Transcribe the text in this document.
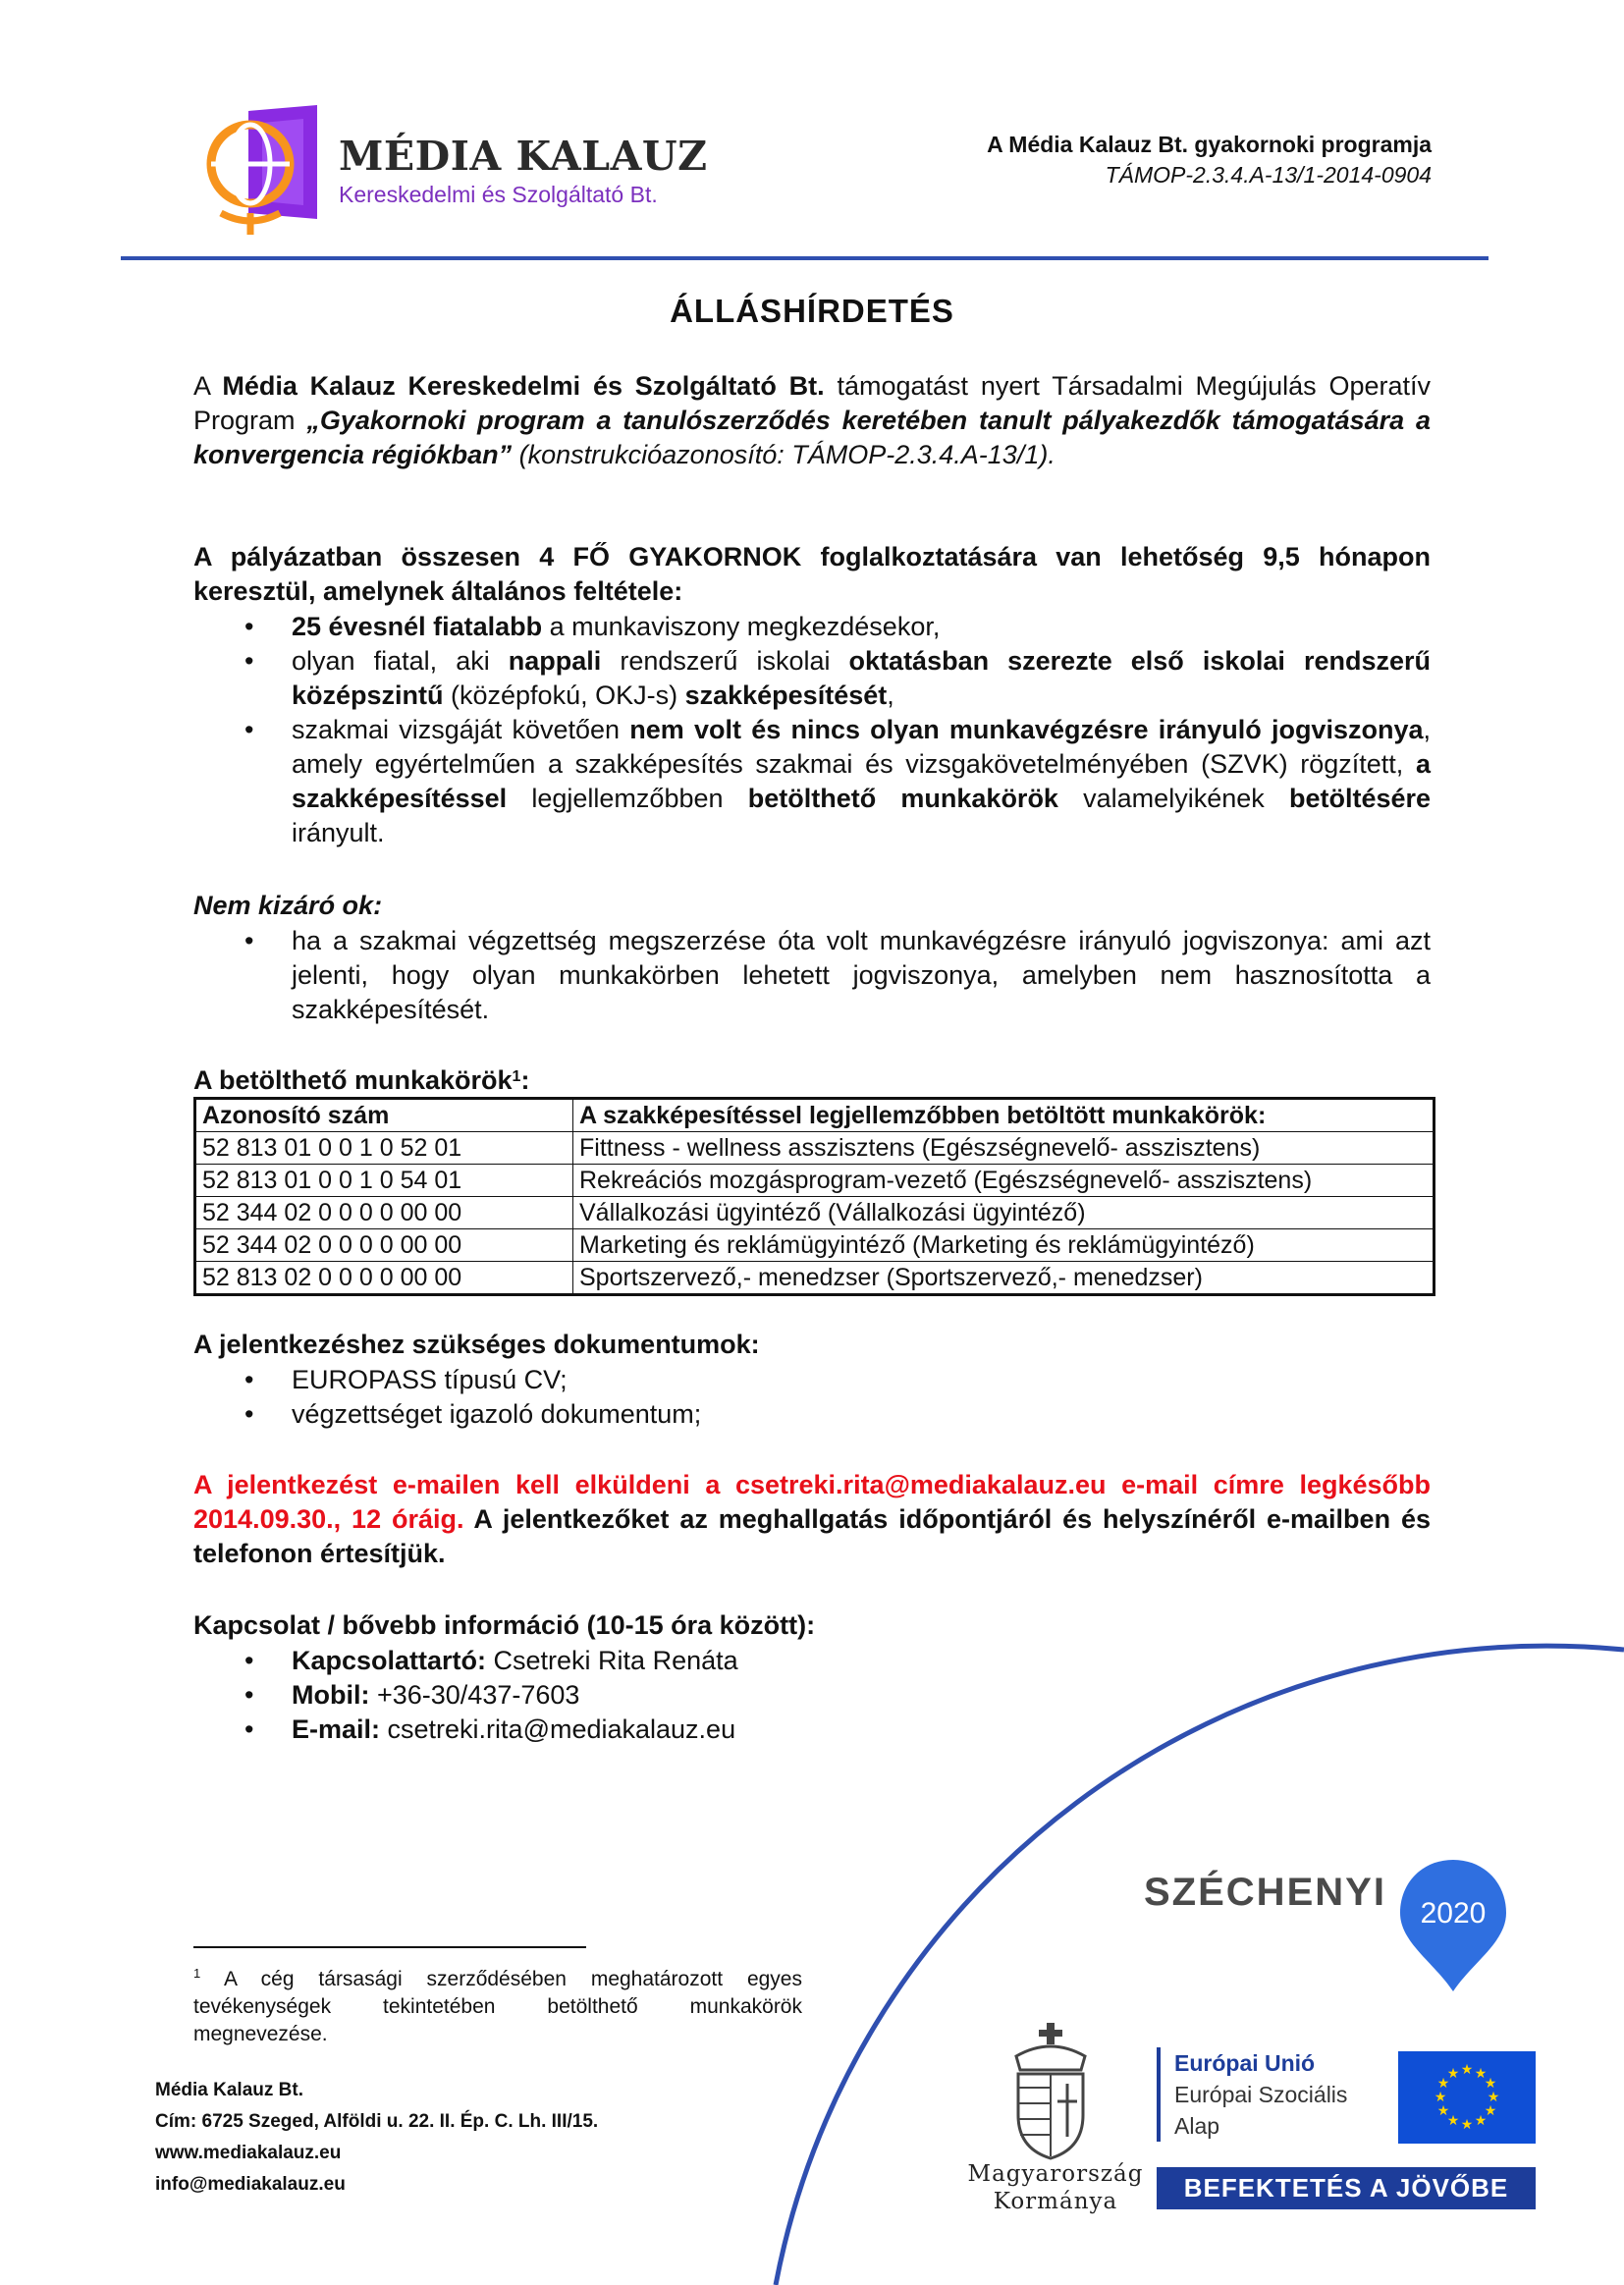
MÉDIA KALAUZ
Kereskedelmi és Szolgáltató Bt.
A Média Kalauz Bt. gyakornoki programja
TÁMOP-2.3.4.A-13/1-2014-0904
ÁLLÁSHÍRDETÉS
A Média Kalauz Kereskedelmi és Szolgáltató Bt. támogatást nyert Társadalmi Megújulás Operatív Program „Gyakornoki program a tanulószerződés keretében tanult pályakezdők támogatására a konvergencia régiókban” (konstrukcióazonosító: TÁMOP-2.3.4.A-13/1).
A pályázatban összesen 4 FŐ GYAKORNOK foglalkoztatására van lehetőség 9,5 hónapon keresztül, amelynek általános feltétele:
• 25 évesnél fiatalabb a munkaviszony megkezdésekor,
• olyan fiatal, aki nappali rendszerű iskolai oktatásban szerezte első iskolai rendszerű középszintű (középfokú, OKJ-s) szakképesítését,
• szakmai vizsgáját követően nem volt és nincs olyan munkavégzésre irányuló jogviszonya, amely egyértelműen a szakképesítés szakmai és vizsgakövetelményében (SZVK) rögzített, a szakképesítéssel legjellemzőbben betölthető munkakörök valamelyikének betöltésére irányult.
Nem kizáró ok:
• ha a szakmai végzettség megszerzése óta volt munkavégzésre irányuló jogviszonya: ami azt jelenti, hogy olyan munkakörben lehetett jogviszonya, amelyben nem hasznosította a szakképesítését.
A betölthető munkakörök$^1$:
Azonosító szám	A szakképesítéssel legjellemzőbben betöltött munkakörök:
52 813 01 0 0 1 0 52 01	Fittness - wellness asszisztens (Egészségnevelő- asszisztens)
52 813 01 0 0 1 0 54 01	Rekreációs mozgásprogram-vezető (Egészségnevelő- asszisztens)
52 344 02 0 0 0 0 00 00	Vállalkozási ügyintéző (Vállalkozási ügyintéző)
52 344 02 0 0 0 0 00 00	Marketing és reklámügyintéző (Marketing és reklámügyintéző)
52 813 02 0 0 0 0 00 00	Sportszervező,- menedzser (Sportszervező,- menedzser)
A jelentkezéshez szükséges dokumentumok:
• EUROPASS típusú CV;
• végzettséget igazoló dokumentum;
A jelentkezést e-mailen kell elküldeni a csetreki.rita@mediakalauz.eu e-mail címre legkésőbb 2014.09.30., 12 óráig. A jelentkezőket az meghallgatás időpontjáról és helyszínéről e-mailben és telefonon értesítjük.
Kapcsolat / bővebb információ (10-15 óra között):
• Kapcsolattartó: Csetreki Rita Renáta
• Mobil: +36-30/437-7603
• E-mail: csetreki.rita@mediakalauz.eu
$^1$ A cég társasági szerződésében meghatározott egyes tevékenységek tekintetében betölthető munkakörök megnevezése.
Média Kalauz Bt.
Cím: 6725 Szeged, Alföldi u. 22. II. Ép. C. Lh. III/15.
www.mediakalauz.eu
info@mediakalauz.eu
SZÉCHENYI 2020
Magyarország
Kormánya
Európai Unió
Európai Szociális
Alap
★ ★
★
★
★
★
★
★
★
★
★
★
BEFEKTETÉS A JÖVŐBE
